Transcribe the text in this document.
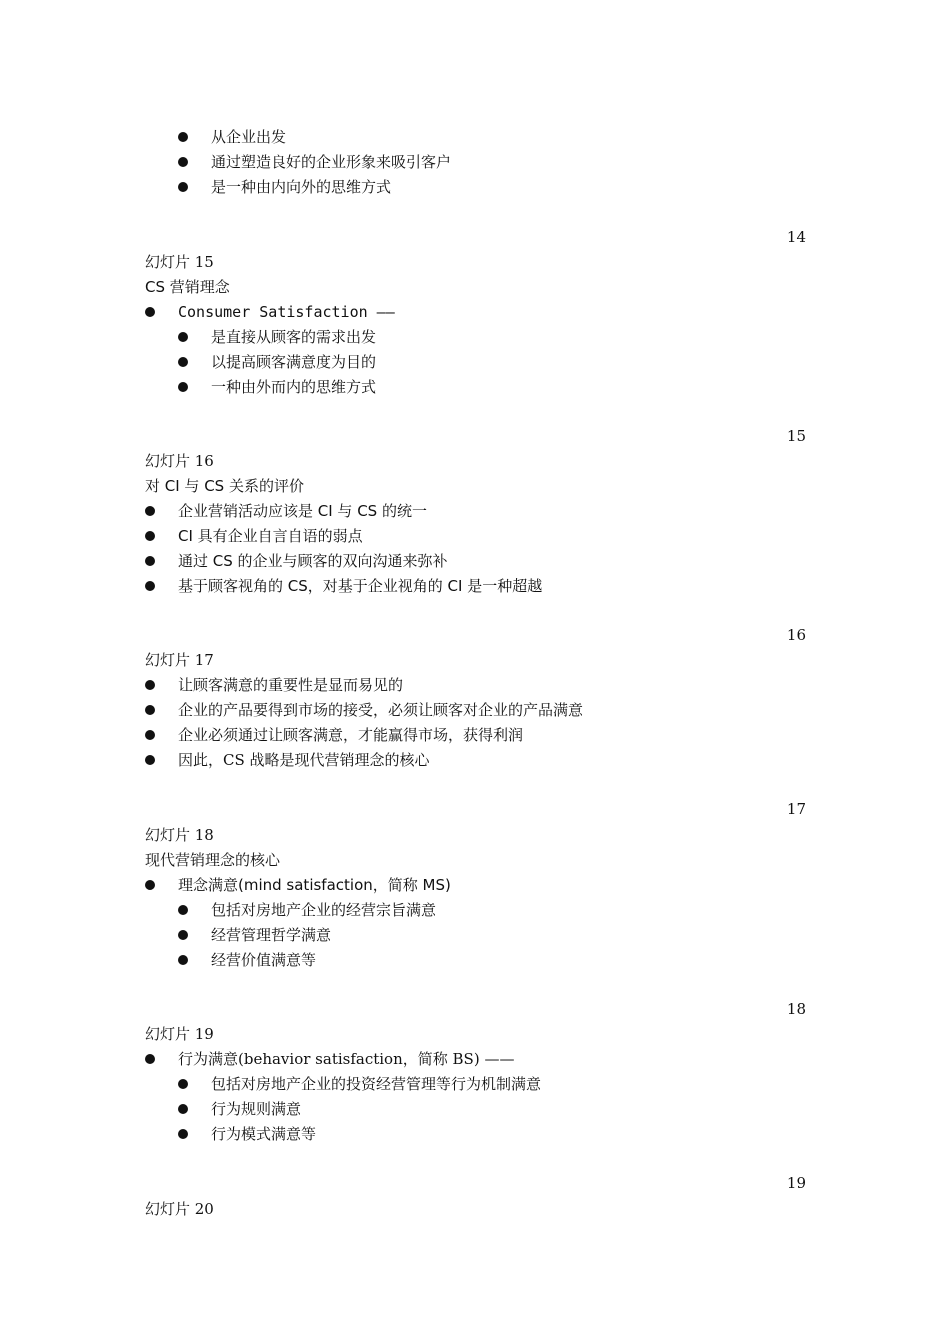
从企业出发
通过塑造良好的企业形象来吸引客户
是一种由内向外的思维方式
14
幻灯片 15
CS 营销理念
Consumer Satisfaction ——
是直接从顾客的需求出发
以提高顾客满意度为目的
一种由外而内的思维方式
15
幻灯片 16
对 CI 与 CS 关系的评价
企业营销活动应该是 CI 与 CS 的统一
CI 具有企业自言自语的弱点
通过 CS 的企业与顾客的双向沟通来弥补
基于顾客视角的 CS，对基于企业视角的 CI 是一种超越
16
幻灯片 17
让顾客满意的重要性是显而易见的
企业的产品要得到市场的接受，必须让顾客对企业的产品满意
企业必须通过让顾客满意，才能赢得市场，获得利润
因此，CS 战略是现代营销理念的核心
17
幻灯片 18
现代营销理念的核心
理念满意(mind satisfaction，简称 MS)
包括对房地产企业的经营宗旨满意
经营管理哲学满意
经营价值满意等
18
幻灯片 19
行为满意(behavior satisfaction，简称 BS) ——
包括对房地产企业的投资经营管理等行为机制满意
行为规则满意
行为模式满意等
19
幻灯片 20
